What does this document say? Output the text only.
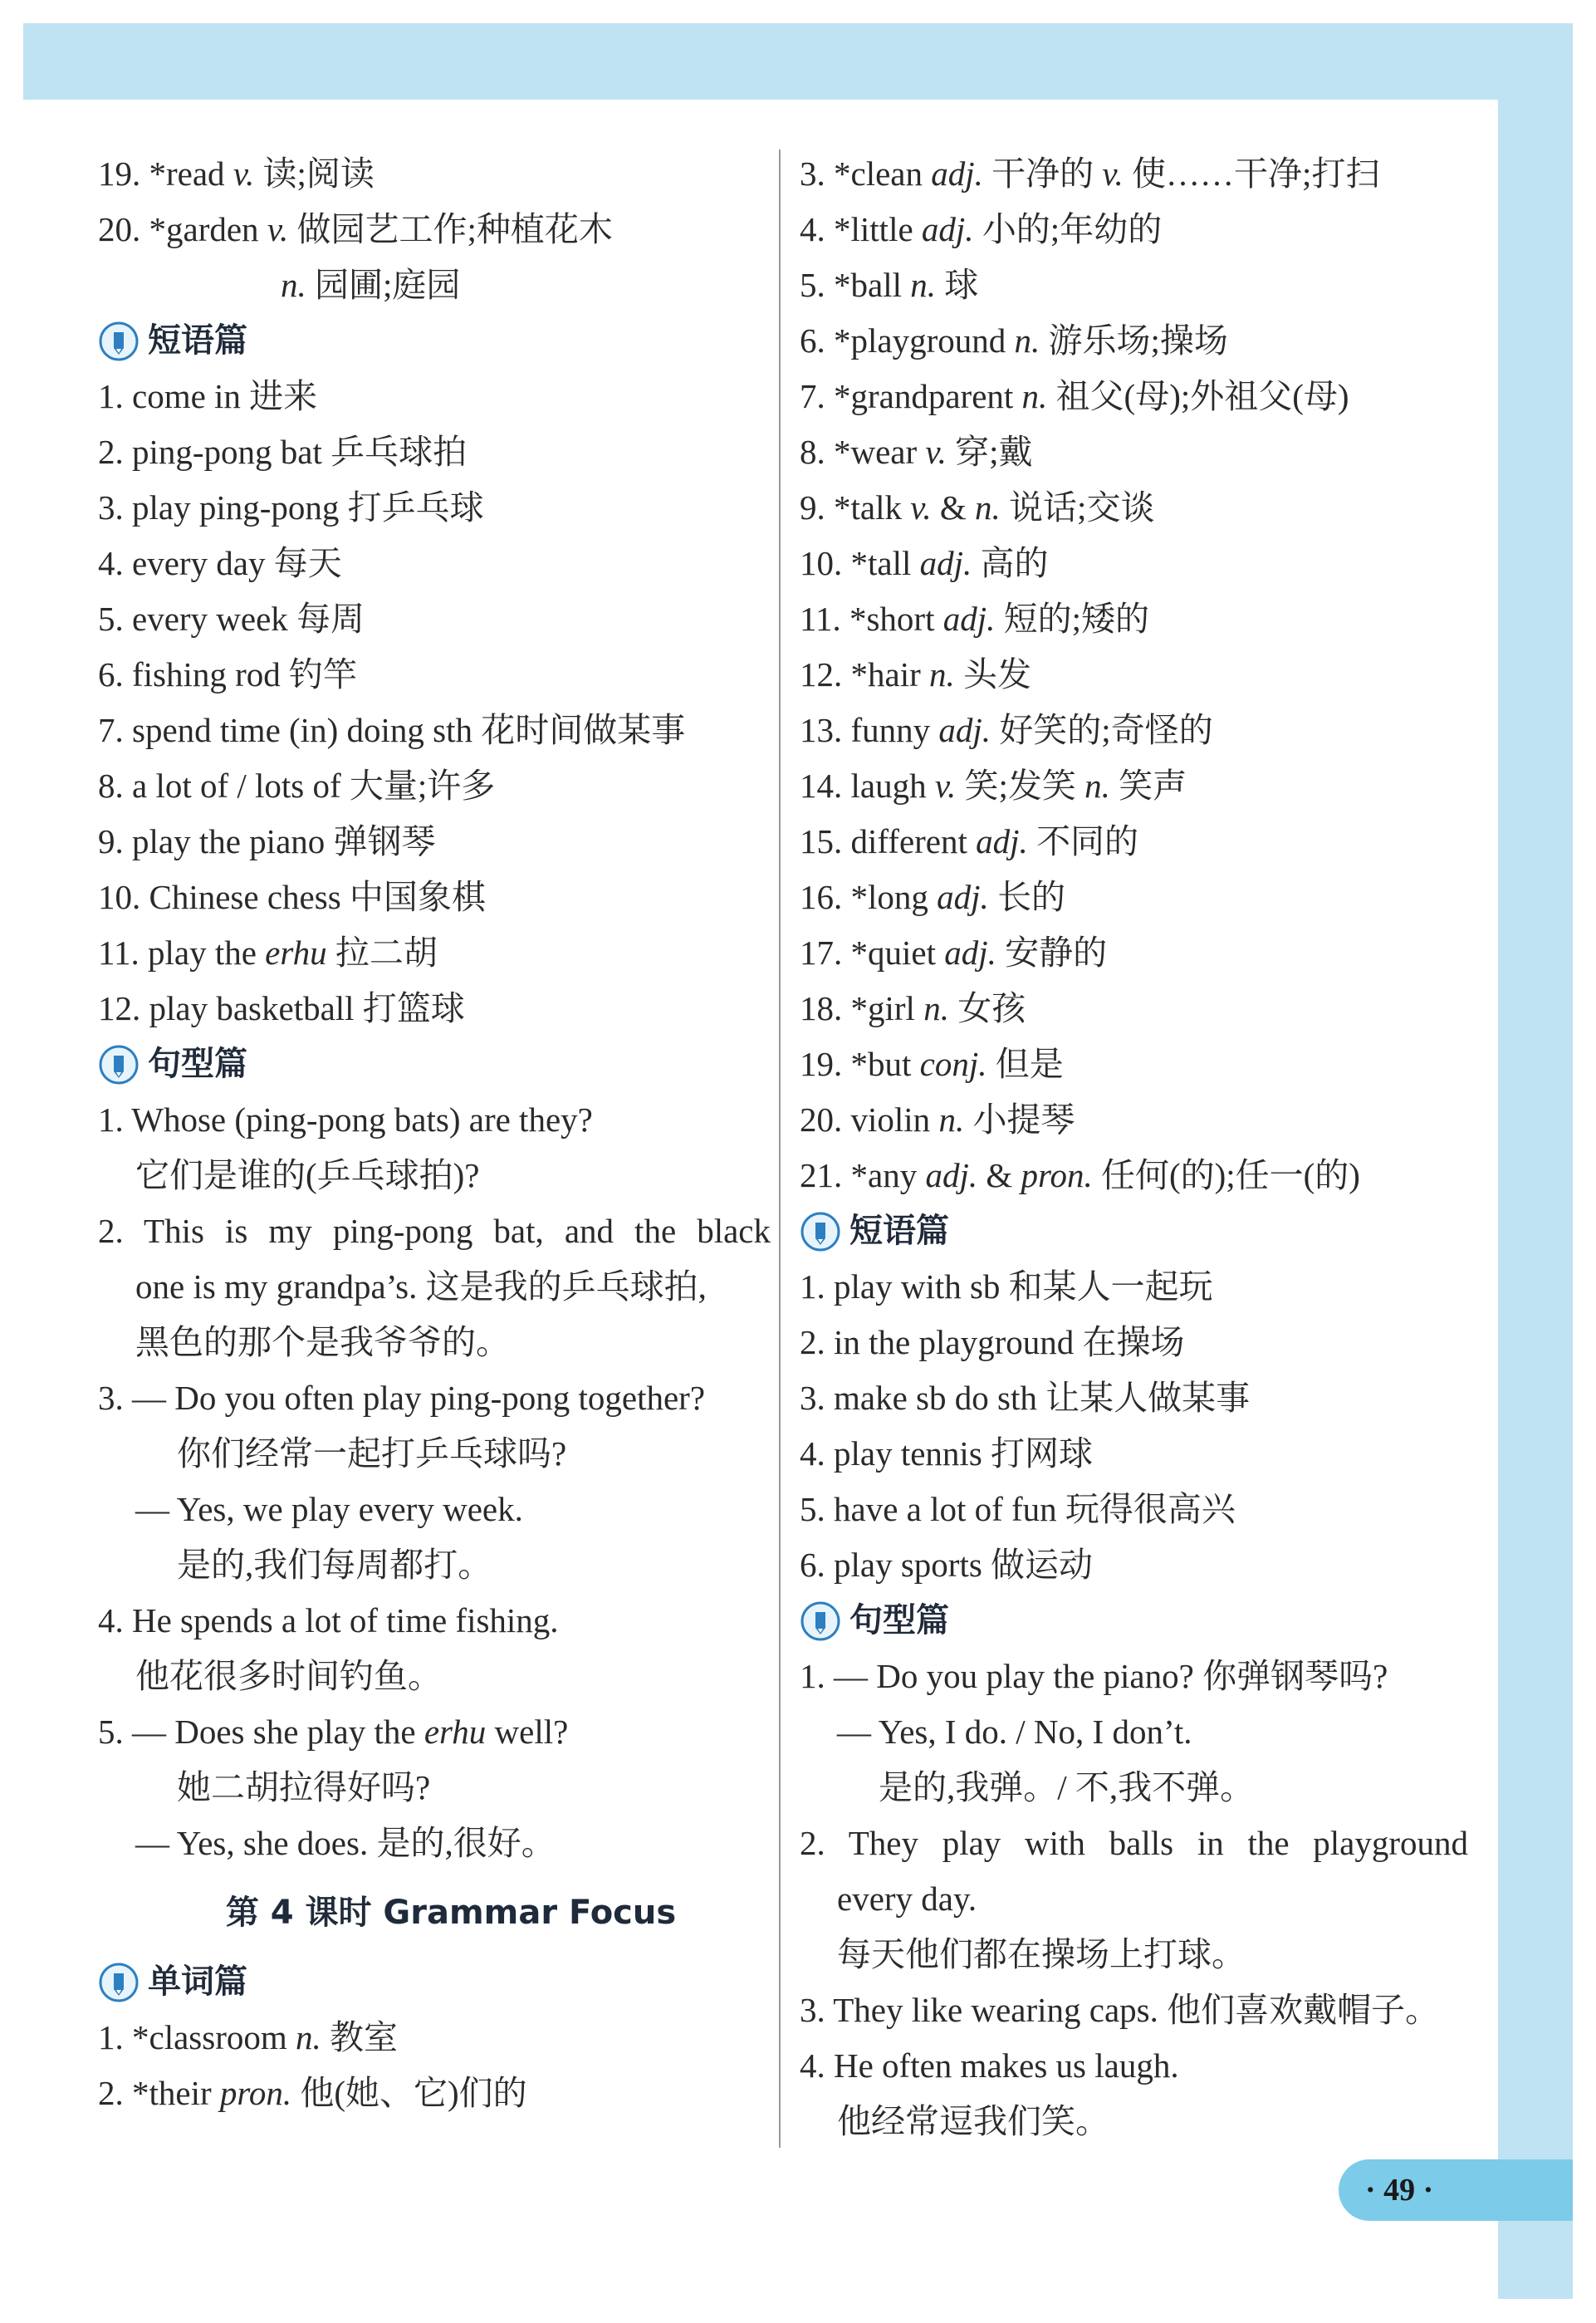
19. *read v. 读;阅读
20. *garden v. 做园艺工作;种植花木
n. 园圃;庭园
短语篇
1. come in 进来
2. ping-pong bat 乒乓球拍
3. play ping-pong 打乒乓球
4. every day 每天
5. every week 每周
6. fishing rod 钓竿
7. spend time (in) doing sth 花时间做某事
8. a lot of / lots of 大量;许多
9. play the piano 弹钢琴
10. Chinese chess 中国象棋
11. play the erhu 拉二胡
12. play basketball 打篮球
句型篇
1. Whose (ping-pong bats) are they?
它们是谁的(乒乓球拍)?
2. This is my ping-pong bat, and the black
one is my grandpa’s. 这是我的乒乓球拍,
黑色的那个是我爷爷的。
3. — Do you often play ping-pong together?
你们经常一起打乒乓球吗?
— Yes, we play every week.
是的,我们每周都打。
4. He spends a lot of time fishing.
他花很多时间钓鱼。
5. — Does she play the erhu well?
她二胡拉得好吗?
— Yes, she does. 是的,很好。
第 4 课时 Grammar Focus
单词篇
1. *classroom n. 教室
2. *their pron. 他(她、它)们的
3. *clean adj. 干净的 v. 使……干净;打扫
4. *little adj. 小的;年幼的
5. *ball n. 球
6. *playground n. 游乐场;操场
7. *grandparent n. 祖父(母);外祖父(母)
8. *wear v. 穿;戴
9. *talk v. & n. 说话;交谈
10. *tall adj. 高的
11. *short adj. 短的;矮的
12. *hair n. 头发
13. funny adj. 好笑的;奇怪的
14. laugh v. 笑;发笑 n. 笑声
15. different adj. 不同的
16. *long adj. 长的
17. *quiet adj. 安静的
18. *girl n. 女孩
19. *but conj. 但是
20. violin n. 小提琴
21. *any adj. & pron. 任何(的);任一(的)
短语篇
1. play with sb 和某人一起玩
2. in the playground 在操场
3. make sb do sth 让某人做某事
4. play tennis 打网球
5. have a lot of fun 玩得很高兴
6. play sports 做运动
句型篇
1. — Do you play the piano? 你弹钢琴吗?
— Yes, I do. / No, I don’t.
是的,我弹。/ 不,我不弹。
2. They play with balls in the playground
every day.
每天他们都在操场上打球。
3. They like wearing caps. 他们喜欢戴帽子。
4. He often makes us laugh.
他经常逗我们笑。
· 49 ·
